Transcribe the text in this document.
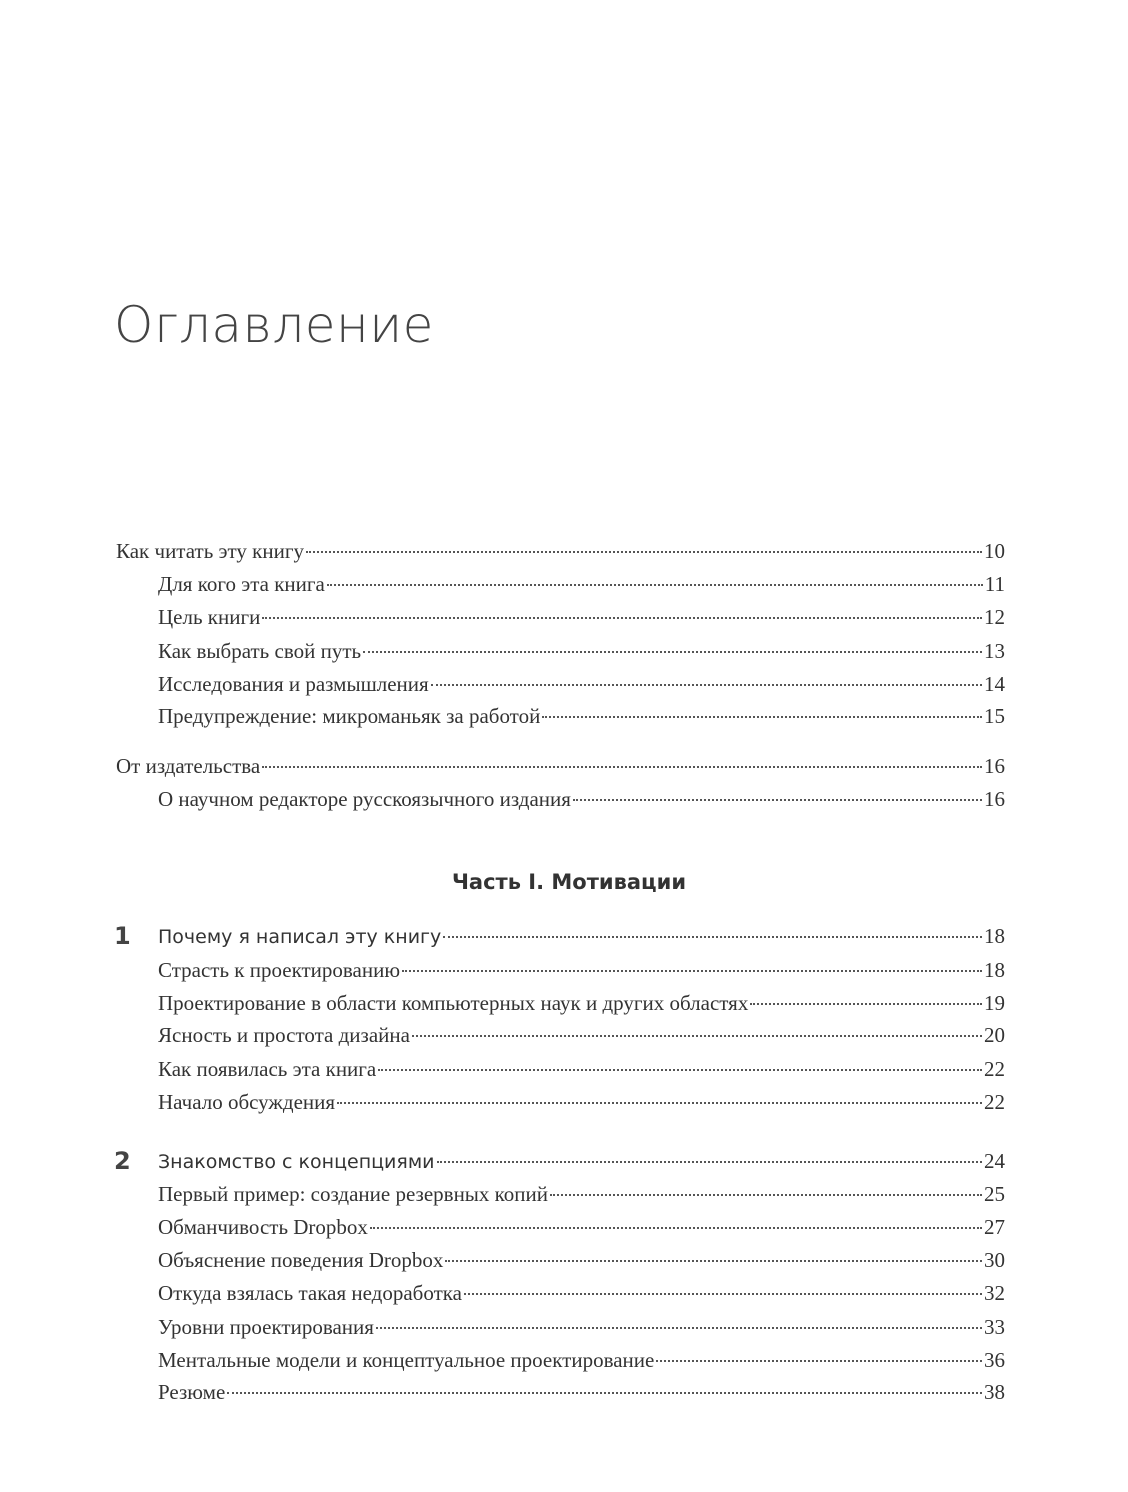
Оглавление
Как читать эту книгу	10
Для кого эта книга	11
Цель книги	12
Как выбрать свой путь	13
Исследования и размышления	14
Предупреждение: микроманьяк за работой	15
От издательства	16
О научном редакторе русскоязычного издания	16
Часть I. Мотивации
1 Почему я написал эту книгу	18
Страсть к проектированию	18
Проектирование в области компьютерных наук и других областях	19
Ясность и простота дизайна	20
Как появилась эта книга	22
Начало обсуждения	22
2 Знакомство с концепциями	24
Первый пример: создание резервных копий	25
Обманчивость Dropbox	27
Объяснение поведения Dropbox	30
Откуда взялась такая недоработка	32
Уровни проектирования	33
Ментальные модели и концептуальное проектирование	36
Резюме	38
